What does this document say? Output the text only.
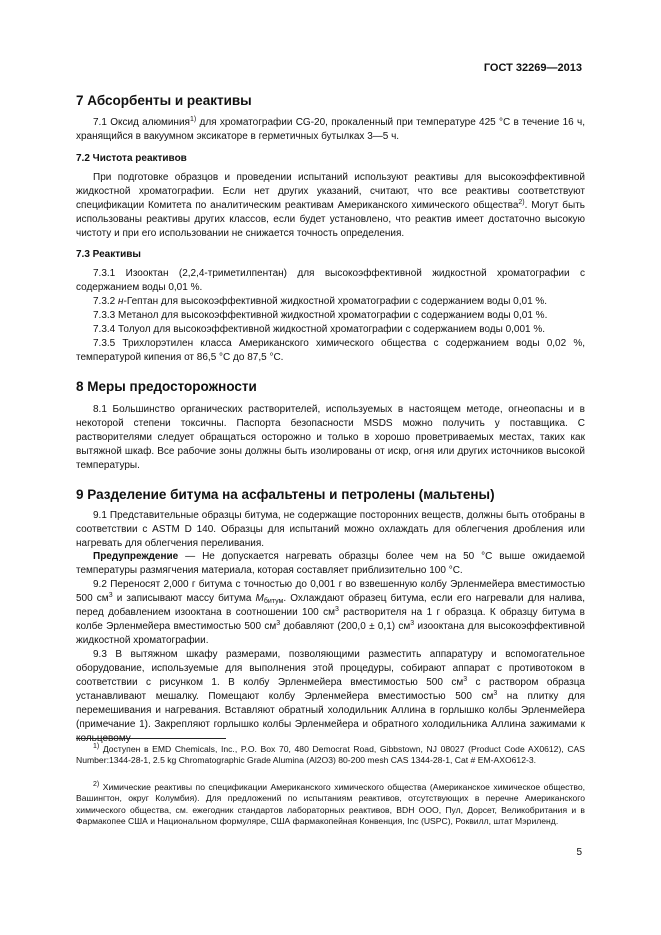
ГОСТ 32269—2013
7 Абсорбенты и реактивы

7.1 Оксид алюминия$^{1)}$ для хроматографии CG-20, прокаленный при температуре 425 °С в течение 16 ч, хранящийся в вакуумном эксикаторе в герметичных бутылках 3—5 ч.

7.2 Чистота реактивов

При подготовке образцов и проведении испытаний используют реактивы для высокоэффективной жидкостной хроматографии. Если нет других указаний, считают, что все реактивы соответствуют спецификации Комитета по аналитическим реактивам Американского химического общества$^{2)}$. Могут быть использованы реактивы других классов, если будет установлено, что реактив имеет достаточно высокую чистоту и при его использовании не снижается точность определения.

7.3 Реактивы

7.3.1 Изооктан (2,2,4-триметилпентан) для высокоэффективной жидкостной хроматографии с содержанием воды 0,01 %.

7.3.2 н-Гептан для высокоэффективной жидкостной хроматографии с содержанием воды 0,01 %.

7.3.3 Метанол для высокоэффективной жидкостной хроматографии с содержанием воды 0,01 %.

7.3.4 Толуол для высокоэффективной жидкостной хроматографии с содержанием воды 0,001 %.

7.3.5 Трихлорэтилен класса Американского химического общества с содержанием воды 0,02 %, температурой кипения от 86,5 °С до 87,5 °С.

8 Меры предосторожности

8.1 Большинство органических растворителей, используемых в настоящем методе, огнеопасны и в некоторой степени токсичны. Паспорта безопасности MSDS можно получить у поставщика. С растворителями следует обращаться осторожно и только в хорошо проветриваемых местах, таких как вытяжной шкаф. Все рабочие зоны должны быть изолированы от искр, огня или других источников высокой температуры.

9 Разделение битума на асфальтены и петролены (мальтены)

9.1 Представительные образцы битума, не содержащие посторонних веществ, должны быть отобраны в соответствии с ASTM D 140. Образцы для испытаний можно охлаждать для облегчения дробления или нагревать для облегчения переливания.

Предупреждение — Не допускается нагревать образцы более чем на 50 °С выше ожидаемой температуры размягчения материала, которая составляет приблизительно 100 °С.

9.2 Переносят 2,000 г битума с точностью до 0,001 г во взвешенную колбу Эрленмейера вместимостью 500 $см^3$ и записывают массу битума $М_{битум}$. Охлаждают образец битума, если его нагревали для налива, перед добавлением изооктана в соотношении 100 $см^3$ растворителя на 1 г образца. К образцу битума в колбе Эрленмейера вместимостью 500 $см^3$ добавляют (200,0 ± 0,1) $см^3$ изооктана для высокоэффективной жидкостной хроматографии.

9.3 В вытяжном шкафу размерами, позволяющими разместить аппаратуру и вспомогательное оборудование, используемые для выполнения этой процедуры, собирают аппарат с противотоком в соответствии с рисунком 1. В колбу Эрленмейера вместимостью 500 $см^3$ с раствором образца устанавливают мешалку. Помещают колбу Эрленмейера вместимостью 500 $см^3$ на плитку для перемешивания и нагревания. Вставляют обратный холодильник Аллина в горлышко колбы Эрленмейера (примечание 1). Закрепляют горлышко колбы Эрленмейера и обратного холодильника Аллина зажимами к кольцевому

$^{1)}$ Доступен в EMD Chemicals, Inc., P.O. Box 70, 480 Democrat Road, Gibbstown, NJ 08027 (Product Code AX0612), CAS Number:1344-28-1, 2.5 kg Chromatographic Grade Alumina (Al2O3) 80-200 mesh CAS 1344-28-1, Cat # EM-AXO612-3.

$^{2)}$ Химические реактивы по спецификации Американского химического общества (Американское химическое общество, Вашингтон, округ Колумбия). Для предложений по испытаниям реактивов, отсутствующих в перечне Американского химического общества, см. ежегодник стандартов лабораторных реактивов, BDH ООО, Пул, Дорсет, Великобритания и в Фармакопее США и Национальном формуляре, США фармакопейная Конвенция, Inc (USPC), Роквилл, штат Мэриленд.

5
